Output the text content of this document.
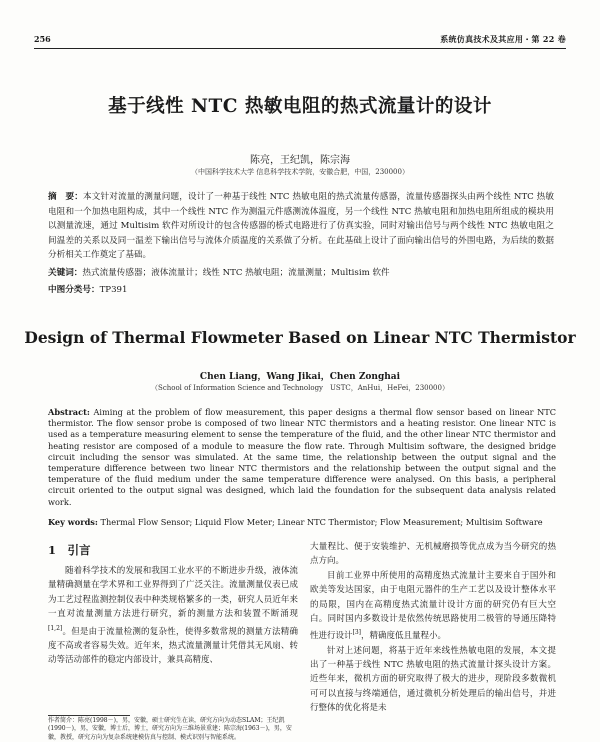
256	系统仿真技术及其应用・第 22 卷
基于线性 NTC 热敏电阻的热式流量计的设计
陈亮，王纪凯，陈宗海
（中国科学技术大学 信息科学技术学院，安徽合肥，中国，230000）
摘　要：本文针对流量的测量问题，设计了一种基于线性 NTC 热敏电阻的热式流量传感器，流量传感器探头由两个线性 NTC 热敏电阻和一个加热电阻构成，其中一个线性 NTC 作为测温元件感测流体温度，另一个线性 NTC 热敏电阻和加热电阻所组成的模块用以测量流速，通过 Multisim 软件对所设计的包含传感器的桥式电路进行了仿真实验，同时对输出信号与两个线性 NTC 热敏电阻之间温差的关系以及同一温差下输出信号与流体介质温度的关系做了分析。在此基础上设计了面向输出信号的外围电路，为后续的数据分析相关工作奠定了基础。
关键词：热式流量传感器；液体流量计；线性 NTC 热敏电阻；流量测量；Multisim 软件
中图分类号：TP391
Design of Thermal Flowmeter Based on Linear NTC Thermistor
Chen Liang，Wang Jikai，Chen Zonghai
（School of Information Science and Technology　USTC，AnHui，HeFei，230000）
Abstract: Aiming at the problem of flow measurement, this paper designs a thermal flow sensor based on linear NTC thermistor. The flow sensor probe is composed of two linear NTC thermistors and a heating resistor. One linear NTC is used as a temperature measuring element to sense the temperature of the fluid, and the other linear NTC thermistor and heating resistor are composed of a module to measure the flow rate. Through Multisim software, the designed bridge circuit including the sensor was simulated. At the same time, the relationship between the output signal and the temperature difference between two linear NTC thermistors and the relationship between the output signal and the temperature of the fluid medium under the same temperature difference were analysed. On this basis, a peripheral circuit oriented to the output signal was designed, which laid the foundation for the subsequent data analysis related work.
Key words: Thermal Flow Sensor; Liquid Flow Meter; Linear NTC Thermistor; Flow Measurement; Multisim Software
1　引言

随着科学技术的发展和我国工业水平的不断进步升级，液体流量精确测量在学术界和工业界得到了广泛关注。流量测量仪表已成为工艺过程监测控制仪表中种类规格繁多的一类，研究人员近年来一直对流量测量方法进行研究，新的测量方法和装置不断涌现[1,2]。但是由于流量检测的复杂性，使得多数常规的测量方法精确度不高或者容易失效。近年来，热式流量测量计凭借其无风扇、转动等活动部件的稳定内部设计，兼具高精度、

大量程比、便于安装维护、无机械磨损等优点成为当今研究的热点方向。

目前工业界中所使用的高精度热式流量计主要来自于国外和欧美等发达国家，由于电阻元器件的生产工艺以及设计整体水平的局限，国内在高精度热式流量计设计方面的研究仍有巨大空白。同时国内多数设计是依然传统思路使用二极管的导通压降特性进行设计[3]，精确度低且量程小。

针对上述问题，将基于近年来线性热敏电阻的发展，本文提出了一种基于线性 NTC 热敏电阻的热式流量计探头设计方案。近些年来，微机方面的研究取得了极大的进步，现阶段多数微机可可以直接与终端通信，通过微机分析处理后的输出信号，并进行整体的优化将是未

作者简介：陈亮(1998－)，男，安徽，硕士研究生在读，研究方向为动态SLAM；王纪凯(1990－)，男，安徽，博士后，博士，研究方向为三维场景重建；陈宗海(1963－)，男，安徽，教授，研究方向为复杂系统建模仿真与控制、模式识别与智能系统。
